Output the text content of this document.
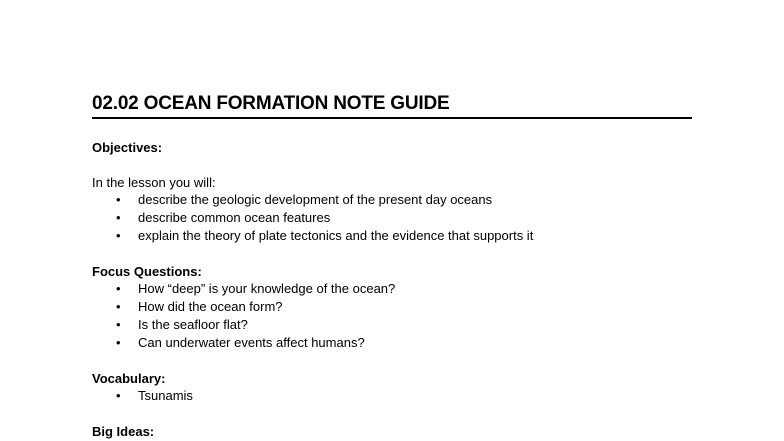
02.02 OCEAN FORMATION NOTE GUIDE

Objectives:

In the lesson you will:

• describe the geologic development of the present day oceans
• describe common ocean features
• explain the theory of plate tectonics and the evidence that supports it

Focus Questions:

• How “deep” is your knowledge of the ocean?
• How did the ocean form?
• Is the seafloor flat?
• Can underwater events affect humans?

Vocabulary:

• Tsunamis

Big Ideas:
